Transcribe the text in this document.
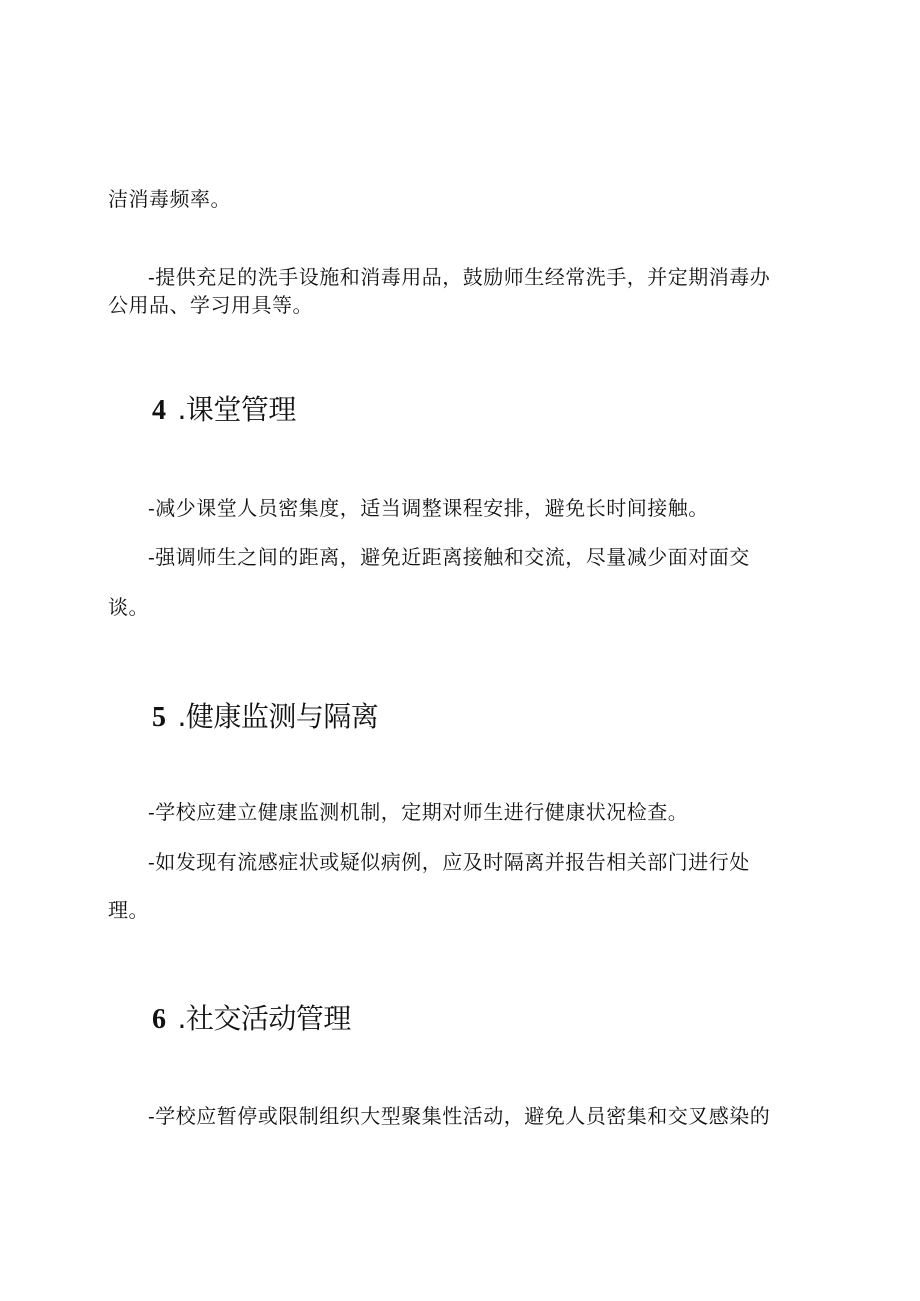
洁消毒频率。
-提供充足的洗手设施和消毒用品，鼓励师生经常洗手，并定期消毒办
公用品、学习用具等。
4 .课堂管理
-减少课堂人员密集度，适当调整课程安排，避免长时间接触。
-强调师生之间的距离，避免近距离接触和交流，尽量减少面对面交
谈。
5 .健康监测与隔离
-学校应建立健康监测机制，定期对师生进行健康状况检查。
-如发现有流感症状或疑似病例，应及时隔离并报告相关部门进行处
理。
6 .社交活动管理
-学校应暂停或限制组织大型聚集性活动，避免人员密集和交叉感染的
